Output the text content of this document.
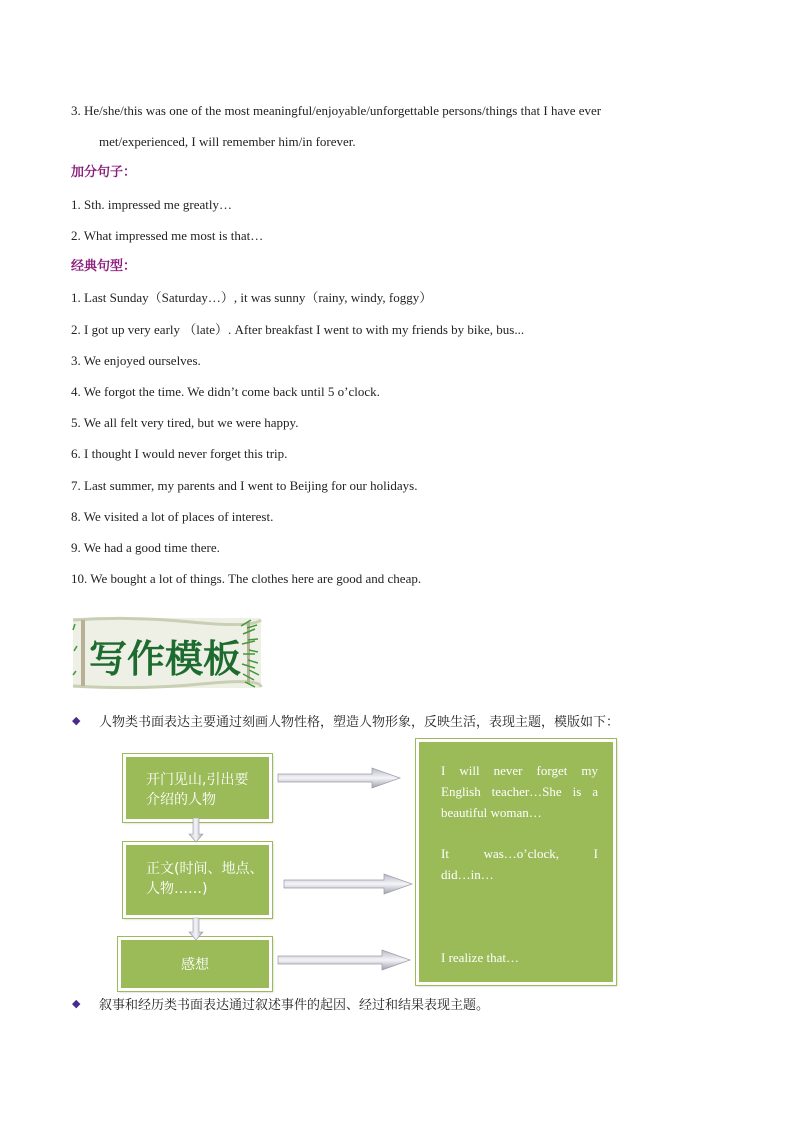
3. He/she/this was one of the most meaningful/enjoyable/unforgettable persons/things that I have ever
met/experienced, I will remember him/in forever.
加分句子：
1. Sth. impressed me greatly…
2. What impressed me most is that…
经典句型：
1. Last Sunday（Saturday…）, it was sunny（rainy, windy, foggy）
2. I got up very early （late）. After breakfast I went to with my friends by bike, bus...
3. We enjoyed ourselves.
4. We forgot the time. We didn’t come back until 5 o’clock.
5. We all felt very tired, but we were happy.
6. I thought I would never forget this trip.
7. Last summer, my parents and I went to Beijing for our holidays.
8. We visited a lot of places of interest.
9. We had a good time there.
10. We bought a lot of things. The clothes here are good and cheap.
写作模板
◆ 人物类书面表达主要通过刻画人物性格，塑造人物形象，反映生活，表现主题，模版如下：
开门见山,引出要
介绍的人物
正文(时间、地点、
人物……)
感想
I will never forget my
English teacher…She is a
beautiful woman…
It was…o’clock, I
did…in…
I realize that…
◆ 叙事和经历类书面表达通过叙述事件的起因、经过和结果表现主题。
